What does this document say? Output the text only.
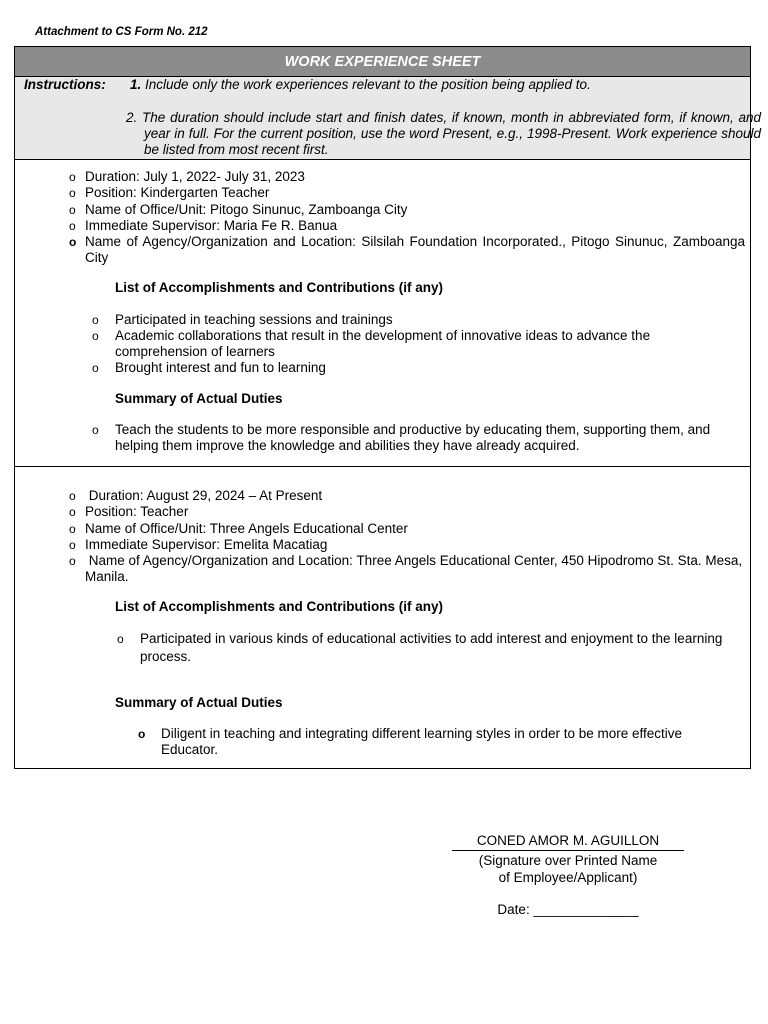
Attachment to CS Form No. 212
WORK EXPERIENCE SHEET
Instructions: 1. Include only the work experiences relevant to the position being applied to.
2. The duration should include start and finish dates, if known, month in abbreviated form, if known, and year in full. For the current position, use the word Present, e.g., 1998-Present. Work experience should be listed from most recent first.
o Duration: July 1, 2022- July 31, 2023
o Position: Kindergarten Teacher
o Name of Office/Unit: Pitogo Sinunuc, Zamboanga City
o Immediate Supervisor: Maria Fe R. Banua
o Name of Agency/Organization and Location: Silsilah Foundation Incorporated., Pitogo Sinunuc, Zamboanga City
List of Accomplishments and Contributions (if any)
o Participated in teaching sessions and trainings
o Academic collaborations that result in the development of innovative ideas to advance the comprehension of learners
o Brought interest and fun to learning
Summary of Actual Duties
o Teach the students to be more responsible and productive by educating them, supporting them, and helping them improve the knowledge and abilities they have already acquired.
o Duration: August 29, 2024 – At Present
o Position: Teacher
o Name of Office/Unit: Three Angels Educational Center
o Immediate Supervisor: Emelita Macatiag
o Name of Agency/Organization and Location: Three Angels Educational Center, 450 Hipodromo St. Sta. Mesa, Manila.
List of Accomplishments and Contributions (if any)
o Participated in various kinds of educational activities to add interest and enjoyment to the learning process.
Summary of Actual Duties
o Diligent in teaching and integrating different learning styles in order to be more effective Educator.
CONED AMOR M. AGUILLON
(Signature over Printed Name
of Employee/Applicant)
Date: ______________
